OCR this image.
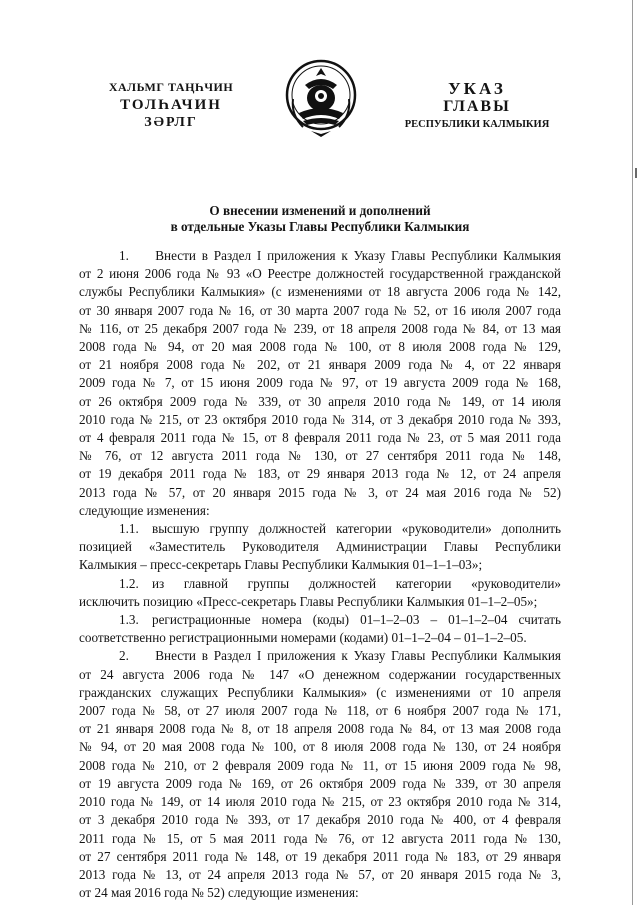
ХАЛЬМГ ТАҢҺЧИН
ТОЛҺАЧИН
ЗӘРЛГ
УКАЗ
ГЛАВЫ
РЕСПУБЛИКИ КАЛМЫКИЯ
О внесении изменений и дополнений
в отдельные Указы Главы Республики Калмыкия
1.  Внести в Раздел I приложения к Указу Главы Республики Калмыкия
от 2 июня 2006 года № 93 «О Реестре должностей государственной гражданской
службы Республики Калмыкия» (с изменениями от 18 августа 2006 года № 142,
от 30 января 2007 года № 16, от 30 марта 2007 года № 52, от 16 июля 2007 года
№ 116, от 25 декабря 2007 года № 239, от 18 апреля 2008 года № 84, от 13 мая
2008 года № 94, от 20 мая 2008 года № 100, от 8 июля 2008 года № 129,
от 21 ноября 2008 года № 202, от 21 января 2009 года № 4, от 22 января
2009 года № 7, от 15 июня 2009 года № 97, от 19 августа 2009 года № 168,
от 26 октября 2009 года № 339, от 30 апреля 2010 года № 149, от 14 июля
2010 года № 215, от 23 октября 2010 года № 314, от 3 декабря 2010 года № 393,
от 4 февраля 2011 года № 15, от 8 февраля 2011 года № 23, от 5 мая 2011 года
№ 76, от 12 августа 2011 года № 130, от 27 сентября 2011 года № 148,
от 19 декабря 2011 года № 183, от 29 января 2013 года № 12, от 24 апреля
2013 года № 57, от 20 января 2015 года № 3, от 24 мая 2016 года № 52)
следующие изменения:
1.1. высшую группу должностей категории «руководители» дополнить
позицией «Заместитель Руководителя Администрации Главы Республики
Калмыкия – пресс-секретарь Главы Республики Калмыкия 01–1–1–03»;
1.2. из главной группы должностей категории «руководители»
исключить позицию «Пресс-секретарь Главы Республики Калмыкия 01–1–2–05»;
1.3. регистрационные номера (коды) 01–1–2–03 – 01–1–2–04 считать
соответственно регистрационными номерами (кодами) 01–1–2–04 – 01–1–2–05.
2.  Внести в Раздел I приложения к Указу Главы Республики Калмыкия
от 24 августа 2006 года № 147 «О денежном содержании государственных
гражданских служащих Республики Калмыкия» (с изменениями от 10 апреля
2007 года № 58, от 27 июля 2007 года № 118, от 6 ноября 2007 года № 171,
от 21 января 2008 года № 8, от 18 апреля 2008 года № 84, от 13 мая 2008 года
№ 94, от 20 мая 2008 года № 100, от 8 июля 2008 года № 130, от 24 ноября
2008 года № 210, от 2 февраля 2009 года № 11, от 15 июня 2009 года № 98,
от 19 августа 2009 года № 169, от 26 октября 2009 года № 339, от 30 апреля
2010 года № 149, от 14 июля 2010 года № 215, от 23 октября 2010 года № 314,
от 3 декабря 2010 года № 393, от 17 декабря 2010 года № 400, от 4 февраля
2011 года № 15, от 5 мая 2011 года № 76, от 12 августа 2011 года № 130,
от 27 сентября 2011 года № 148, от 19 декабря 2011 года № 183, от 29 января
2013 года № 13, от 24 апреля 2013 года № 57, от 20 января 2015 года № 3,
от 24 мая 2016 года № 52) следующие изменения:
